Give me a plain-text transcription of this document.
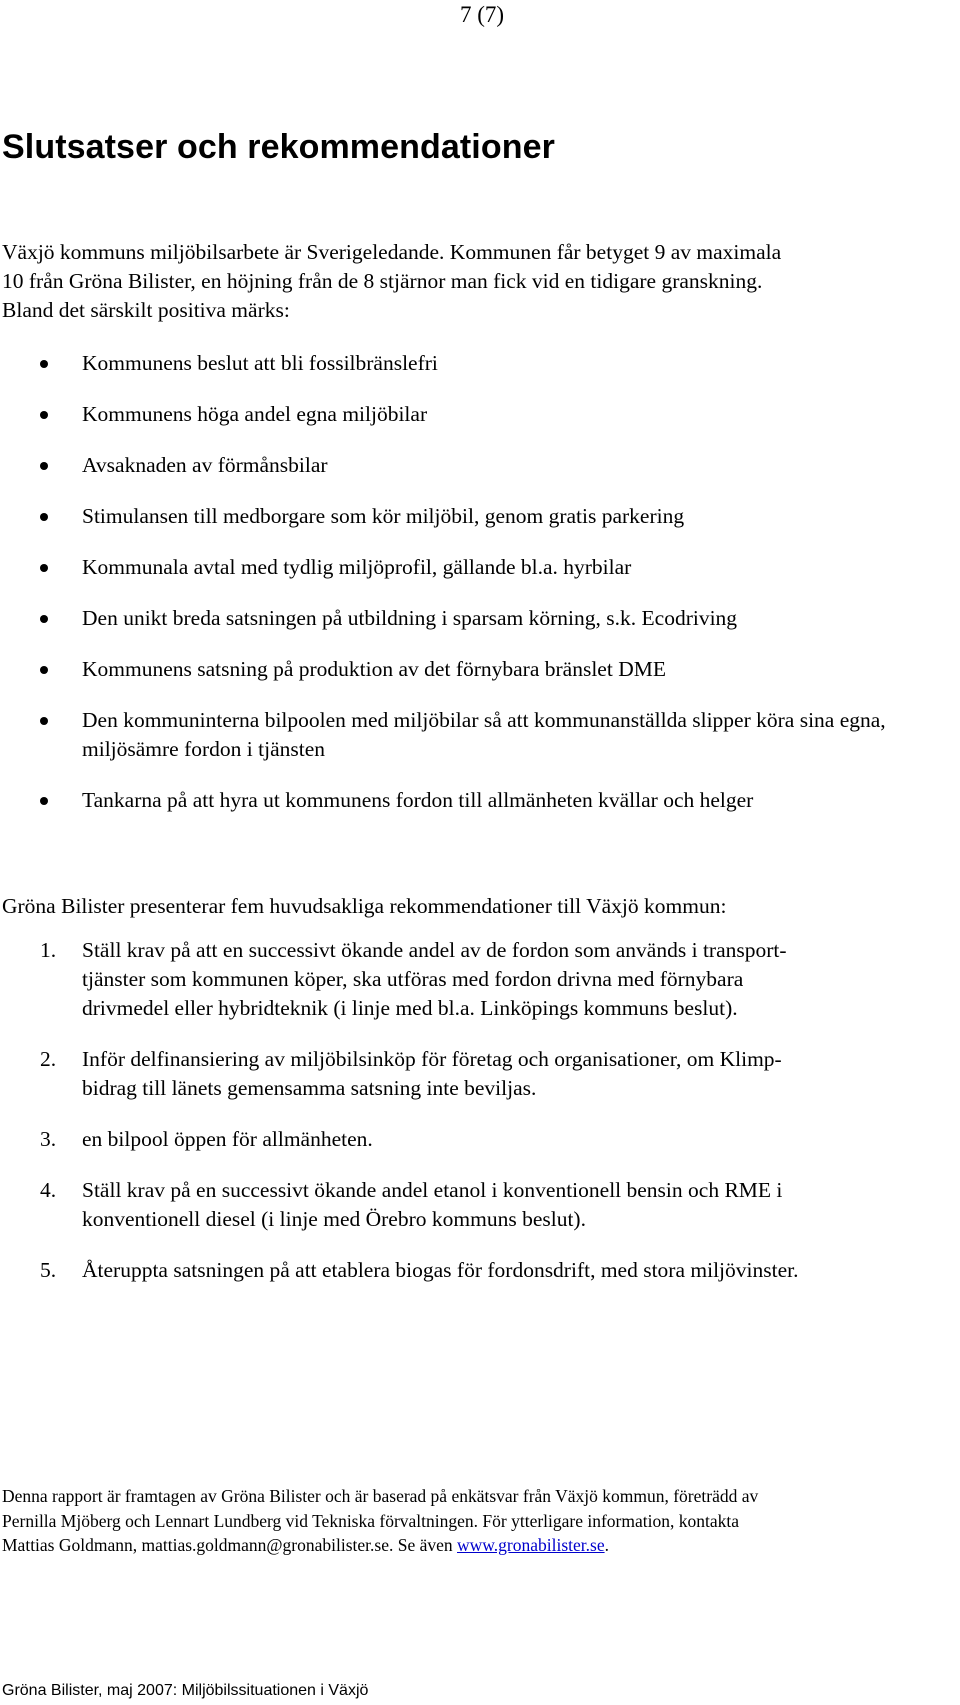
7 (7)
Slutsatser och rekommendationer

Växjö kommuns miljöbilsarbete är Sverigeledande. Kommunen får betyget 9 av maximala
10 från Gröna Bilister, en höjning från de 8 stjärnor man fick vid en tidigare granskning.
Bland det särskilt positiva märks:

Kommunens beslut att bli fossilbränslefri
Kommunens höga andel egna miljöbilar
Avsaknaden av förmånsbilar
Stimulansen till medborgare som kör miljöbil, genom gratis parkering
Kommunala avtal med tydlig miljöprofil, gällande bl.a. hyrbilar
Den unikt breda satsningen på utbildning i sparsam körning, s.k. Ecodriving
Kommunens satsning på produktion av det förnybara bränslet DME
Den kommuninterna bilpoolen med miljöbilar så att kommunanställda slipper köra sina egna, miljösämre fordon i tjänsten
Tankarna på att hyra ut kommunens fordon till allmänheten kvällar och helger

Gröna Bilister presenterar fem huvudsakliga rekommendationer till Växjö kommun:

1. Ställ krav på att en successivt ökande andel av de fordon som används i transport-
tjänster som kommunen köper, ska utföras med fordon drivna med förnybara
drivmedel eller hybridteknik (i linje med bl.a. Linköpings kommuns beslut).
2. Inför delfinansiering av miljöbilsinköp för företag och organisationer, om Klimp-
bidrag till länets gemensamma satsning inte beviljas.
3. en bilpool öppen för allmänheten.
4. Ställ krav på en successivt ökande andel etanol i konventionell bensin och RME i
konventionell diesel (i linje med Örebro kommuns beslut).
5. Återuppta satsningen på att etablera biogas för fordonsdrift, med stora miljövinster.

Denna rapport är framtagen av Gröna Bilister och är baserad på enkätsvar från Växjö kommun, företrädd av
Pernilla Mjöberg och Lennart Lundberg vid Tekniska förvaltningen. För ytterligare information, kontakta
Mattias Goldmann, mattias.goldmann@gronabilister.se. Se även www.gronabilister.se.

Gröna Bilister, maj 2007: Miljöbilssituationen i Växjö
